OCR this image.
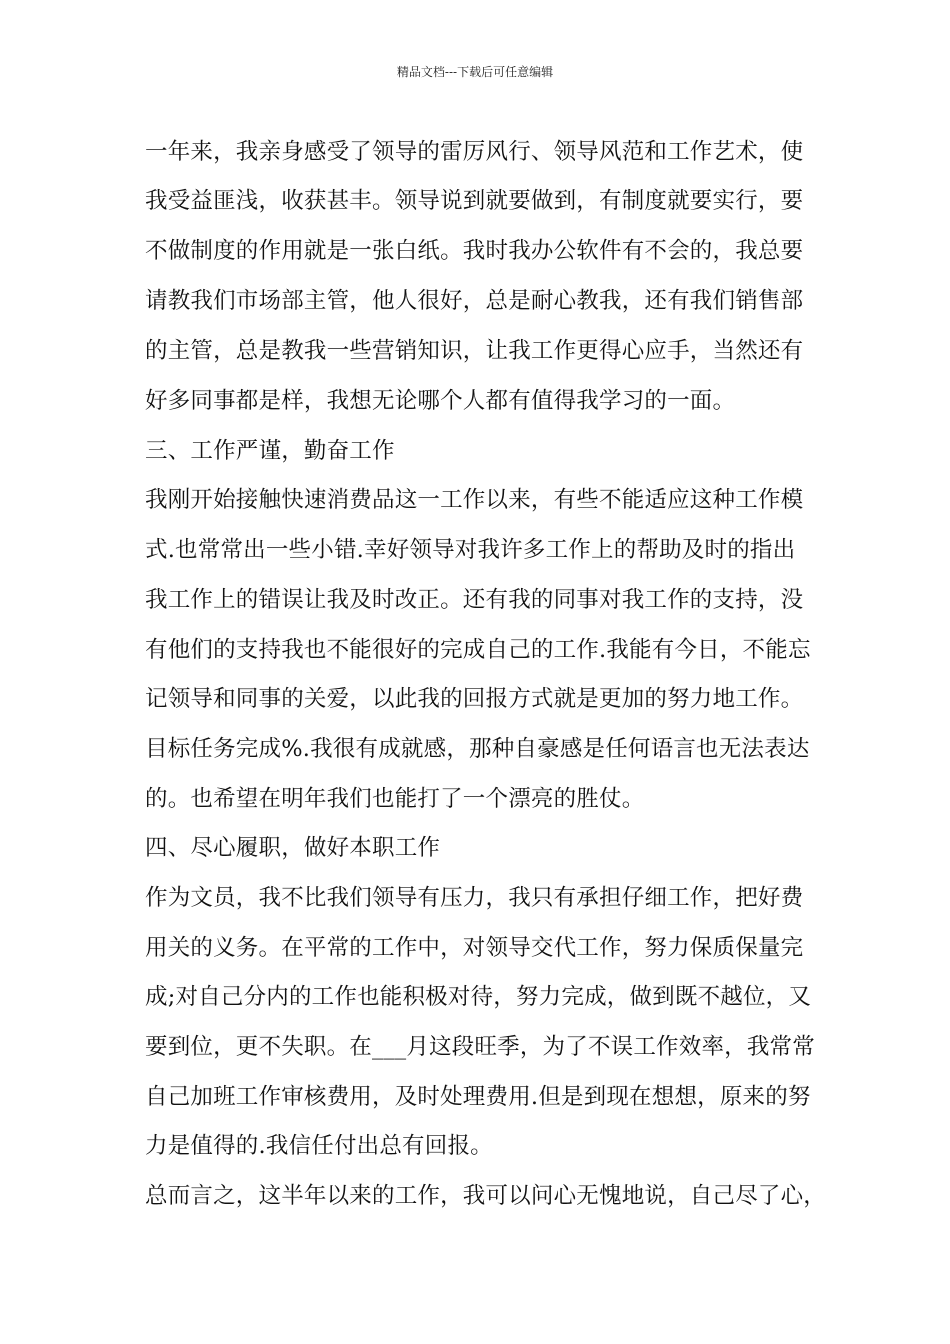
精品文档---下载后可任意编辑
一年来，我亲身感受了领导的雷厉风行、领导风范和工作艺术，使
我受益匪浅，收获甚丰。领导说到就要做到，有制度就要实行，要
不做制度的作用就是一张白纸。我时我办公软件有不会的，我总要
请教我们市场部主管，他人很好，总是耐心教我，还有我们销售部
的主管，总是教我一些营销知识，让我工作更得心应手，当然还有
好多同事都是样，我想无论哪个人都有值得我学习的一面。
三、工作严谨，勤奋工作
我刚开始接触快速消费品这一工作以来，有些不能适应这种工作模
式.也常常出一些小错.幸好领导对我许多工作上的帮助及时的指出
我工作上的错误让我及时改正。还有我的同事对我工作的支持，没
有他们的支持我也不能很好的完成自己的工作.我能有今日，不能忘
记领导和同事的关爱，以此我的回报方式就是更加的努力地工作。
目标任务完成%.我很有成就感，那种自豪感是任何语言也无法表达
的。也希望在明年我们也能打了一个漂亮的胜仗。
四、尽心履职，做好本职工作
作为文员，我不比我们领导有压力，我只有承担仔细工作，把好费
用关的义务。在平常的工作中，对领导交代工作，努力保质保量完
成;对自己分内的工作也能积极对待，努力完成，做到既不越位，又
要到位，更不失职。在___月这段旺季，为了不误工作效率，我常常
自己加班工作审核费用，及时处理费用.但是到现在想想，原来的努
力是值得的.我信任付出总有回报。
总而言之，这半年以来的工作，我可以问心无愧地说，自己尽了心，
